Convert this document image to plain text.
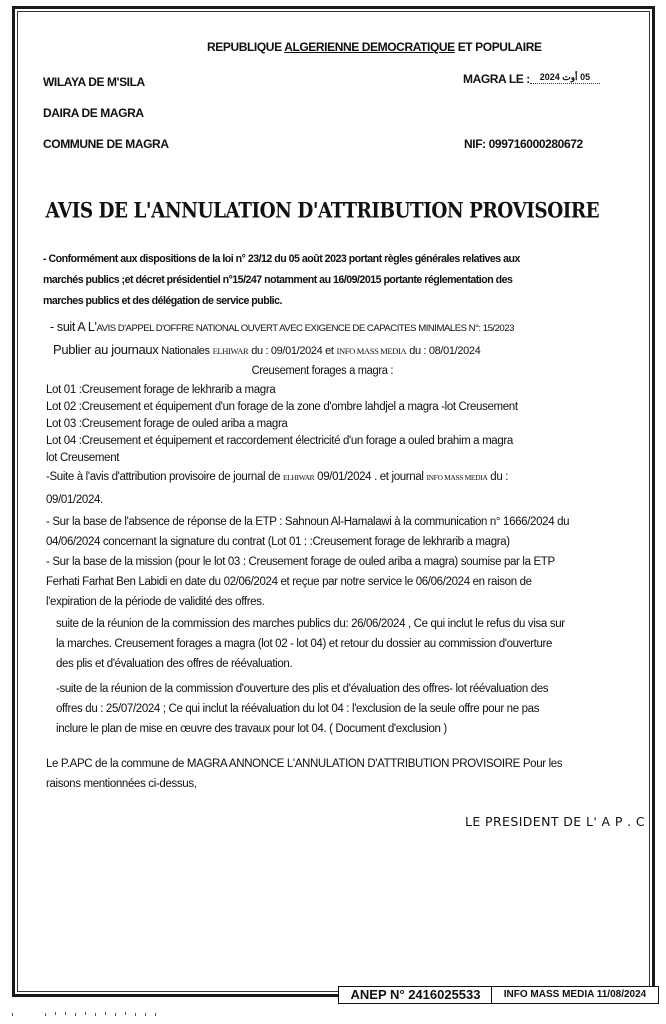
REPUBLIQUE ALGERIENNE DEMOCRATIQUE ET POPULAIRE
WILAYA DE M'SILA	MAGRA LE : 05 أوت 2024
DAIRA DE MAGRA
COMMUNE DE MAGRA	NIF: 099716000280672
AVIS DE L'ANNULATION D'ATTRIBUTION PROVISOIRE
- Conformément aux dispositions de la loi n° 23/12 du 05 août 2023 portant règles générales relatives aux
marchés publics ;et décret présidentiel n°15/247 notamment au 16/09/2015 portante réglementation des
marches publics et des délégation de service public.
- suit A L'AVIS D'APPEL D'OFFRE NATIONAL OUVERT AVEC EXIGENCE DE CAPACITES MINIMALES N°: 15/2023
Publier au journaux Nationales ELHIWAR du : 09/01/2024 et INFO MASS MEDIA du : 08/01/2024
Creusement forages a magra :
Lot 01 :Creusement forage de lekhrarib a magra
Lot 02 :Creusement et équipement d'un forage de la zone d'ombre lahdjel a magra -lot Creusement
Lot 03 :Creusement forage de ouled ariba a magra
Lot 04 :Creusement et équipement et raccordement électricité d'un forage a ouled brahim a magra
lot Creusement
-Suite à l'avis d'attribution provisoire de journal de ELHIWAR 09/01/2024 . et journal INFO MASS MEDIA du :
09/01/2024.
- Sur la base de l'absence de réponse de la ETP : Sahnoun Al-Hamalawi à la communication n° 1666/2024 du
04/06/2024 concernant la signature du contrat (Lot 01 : :Creusement forage de lekhrarib a magra)
- Sur la base de la mission (pour le lot 03 : Creusement forage de ouled ariba a magra) soumise par la ETP
Ferhati Farhat Ben Labidi en date du 02/06/2024 et reçue par notre service le 06/06/2024 en raison de
l'expiration de la période de validité des offres.
suite de la réunion de la commission des marches publics du: 26/06/2024 , Ce qui inclut le refus du visa sur
la marches. Creusement forages a magra (lot 02 - lot 04) et retour du dossier au commission d'ouverture
des plis et d'évaluation des offres de réévaluation.
-suite de la réunion de la commission d'ouverture des plis et d'évaluation des offres- lot réévaluation des
offres du : 25/07/2024 ; Ce qui inclut la réévaluation du lot 04 : l'exclusion de la seule offre pour ne pas
inclure le plan de mise en œuvre des travaux pour lot 04. ( Document d'exclusion )
Le P.APC de la commune de MAGRA ANNONCE L'ANNULATION D'ATTRIBUTION PROVISOIRE Pour les
raisons mentionnées ci-dessus,
LE PRESIDENT DE L' A P . C
ANEP N° 2416025533	INFO MASS MEDIA 11/08/2024
